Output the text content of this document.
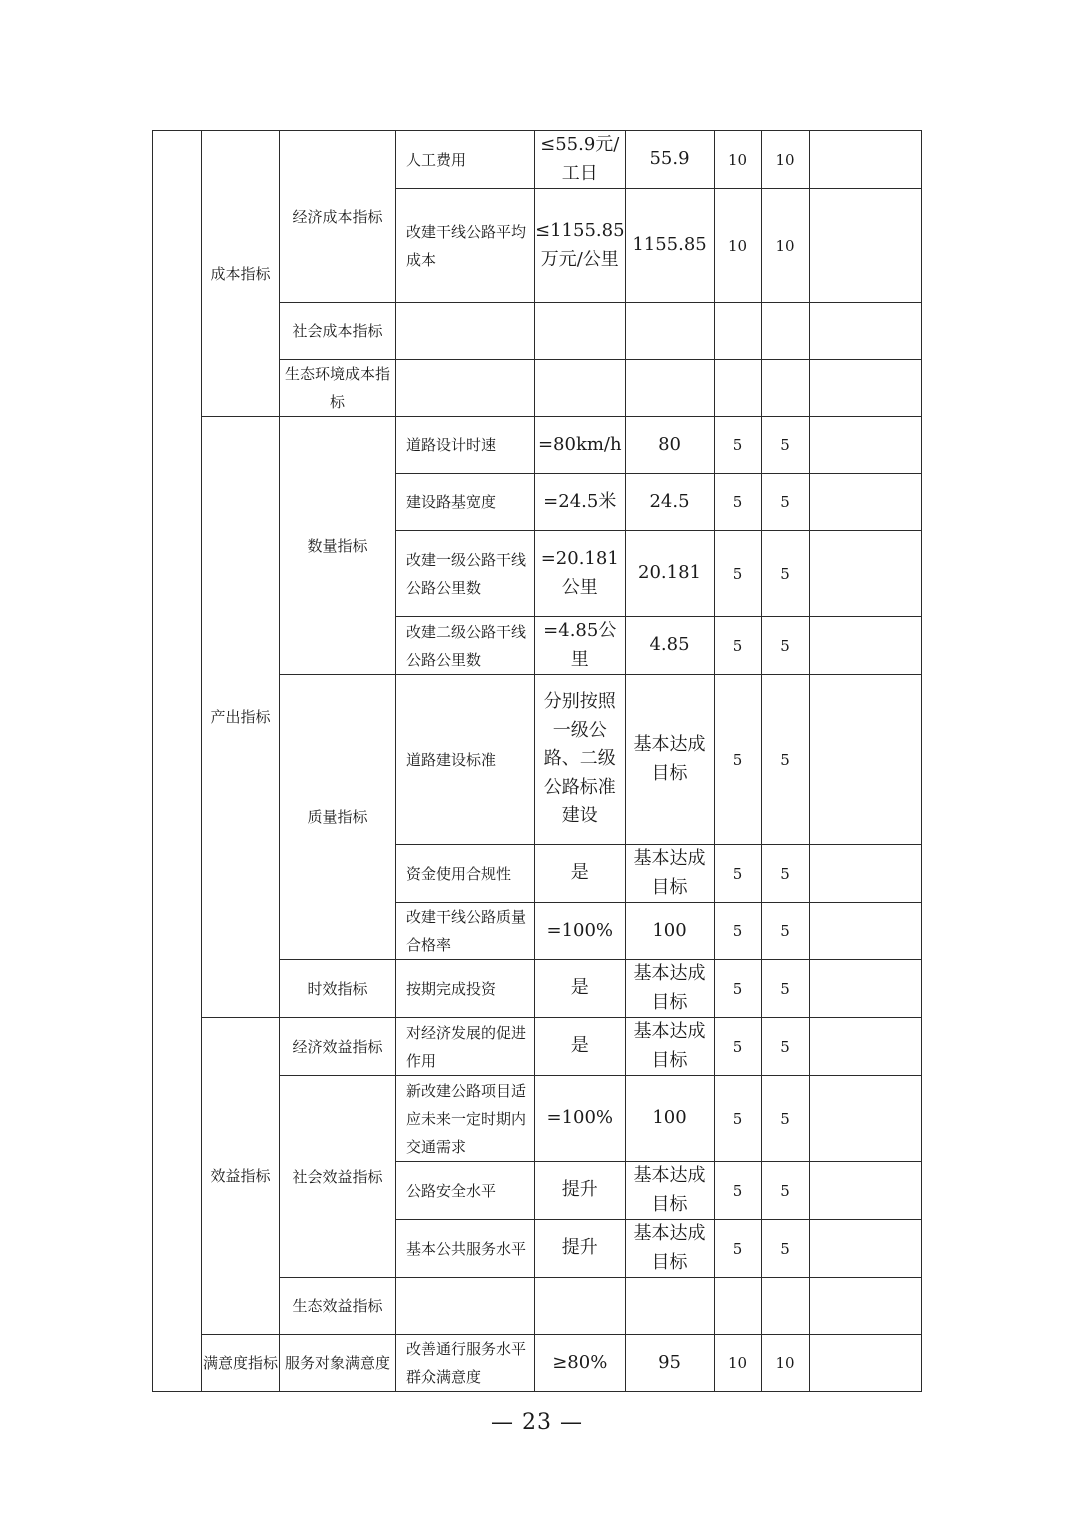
	成本指标	经济成本指标	人工费用	≤55.9元/工日	55.9	10	10	

			改建干线公路平均成本	≤1155.85万元/公里	1155.85	10	10	

		社会成本指标						

		生态环境成本指标						

	产出指标	数量指标	道路设计时速	=80km/h	80	5	5	

			建设路基宽度	=24.5米	24.5	5	5	

			改建一级公路干线公路公里数	=20.181公里	20.181	5	5	

			改建二级公路干线公路公里数	=4.85公里	4.85	5	5	

		质量指标	道路建设标准	分别按照一级公路、二级公路标准建设	基本达成目标	5	5	

			资金使用合规性	是	基本达成目标	5	5	

			改建干线公路质量合格率	=100%	100	5	5	

		时效指标	按期完成投资	是	基本达成目标	5	5	

	效益指标	经济效益指标	对经济发展的促进作用	是	基本达成目标	5	5	

		社会效益指标	新改建公路项目适应未来一定时期内交通需求	=100%	100	5	5	

			公路安全水平	提升	基本达成目标	5	5	

			基本公共服务水平	提升	基本达成目标	5	5	

		生态效益指标						

	满意度指标	服务对象满意度	改善通行服务水平群众满意度	≥80%	95	10	10	

— 23 —
